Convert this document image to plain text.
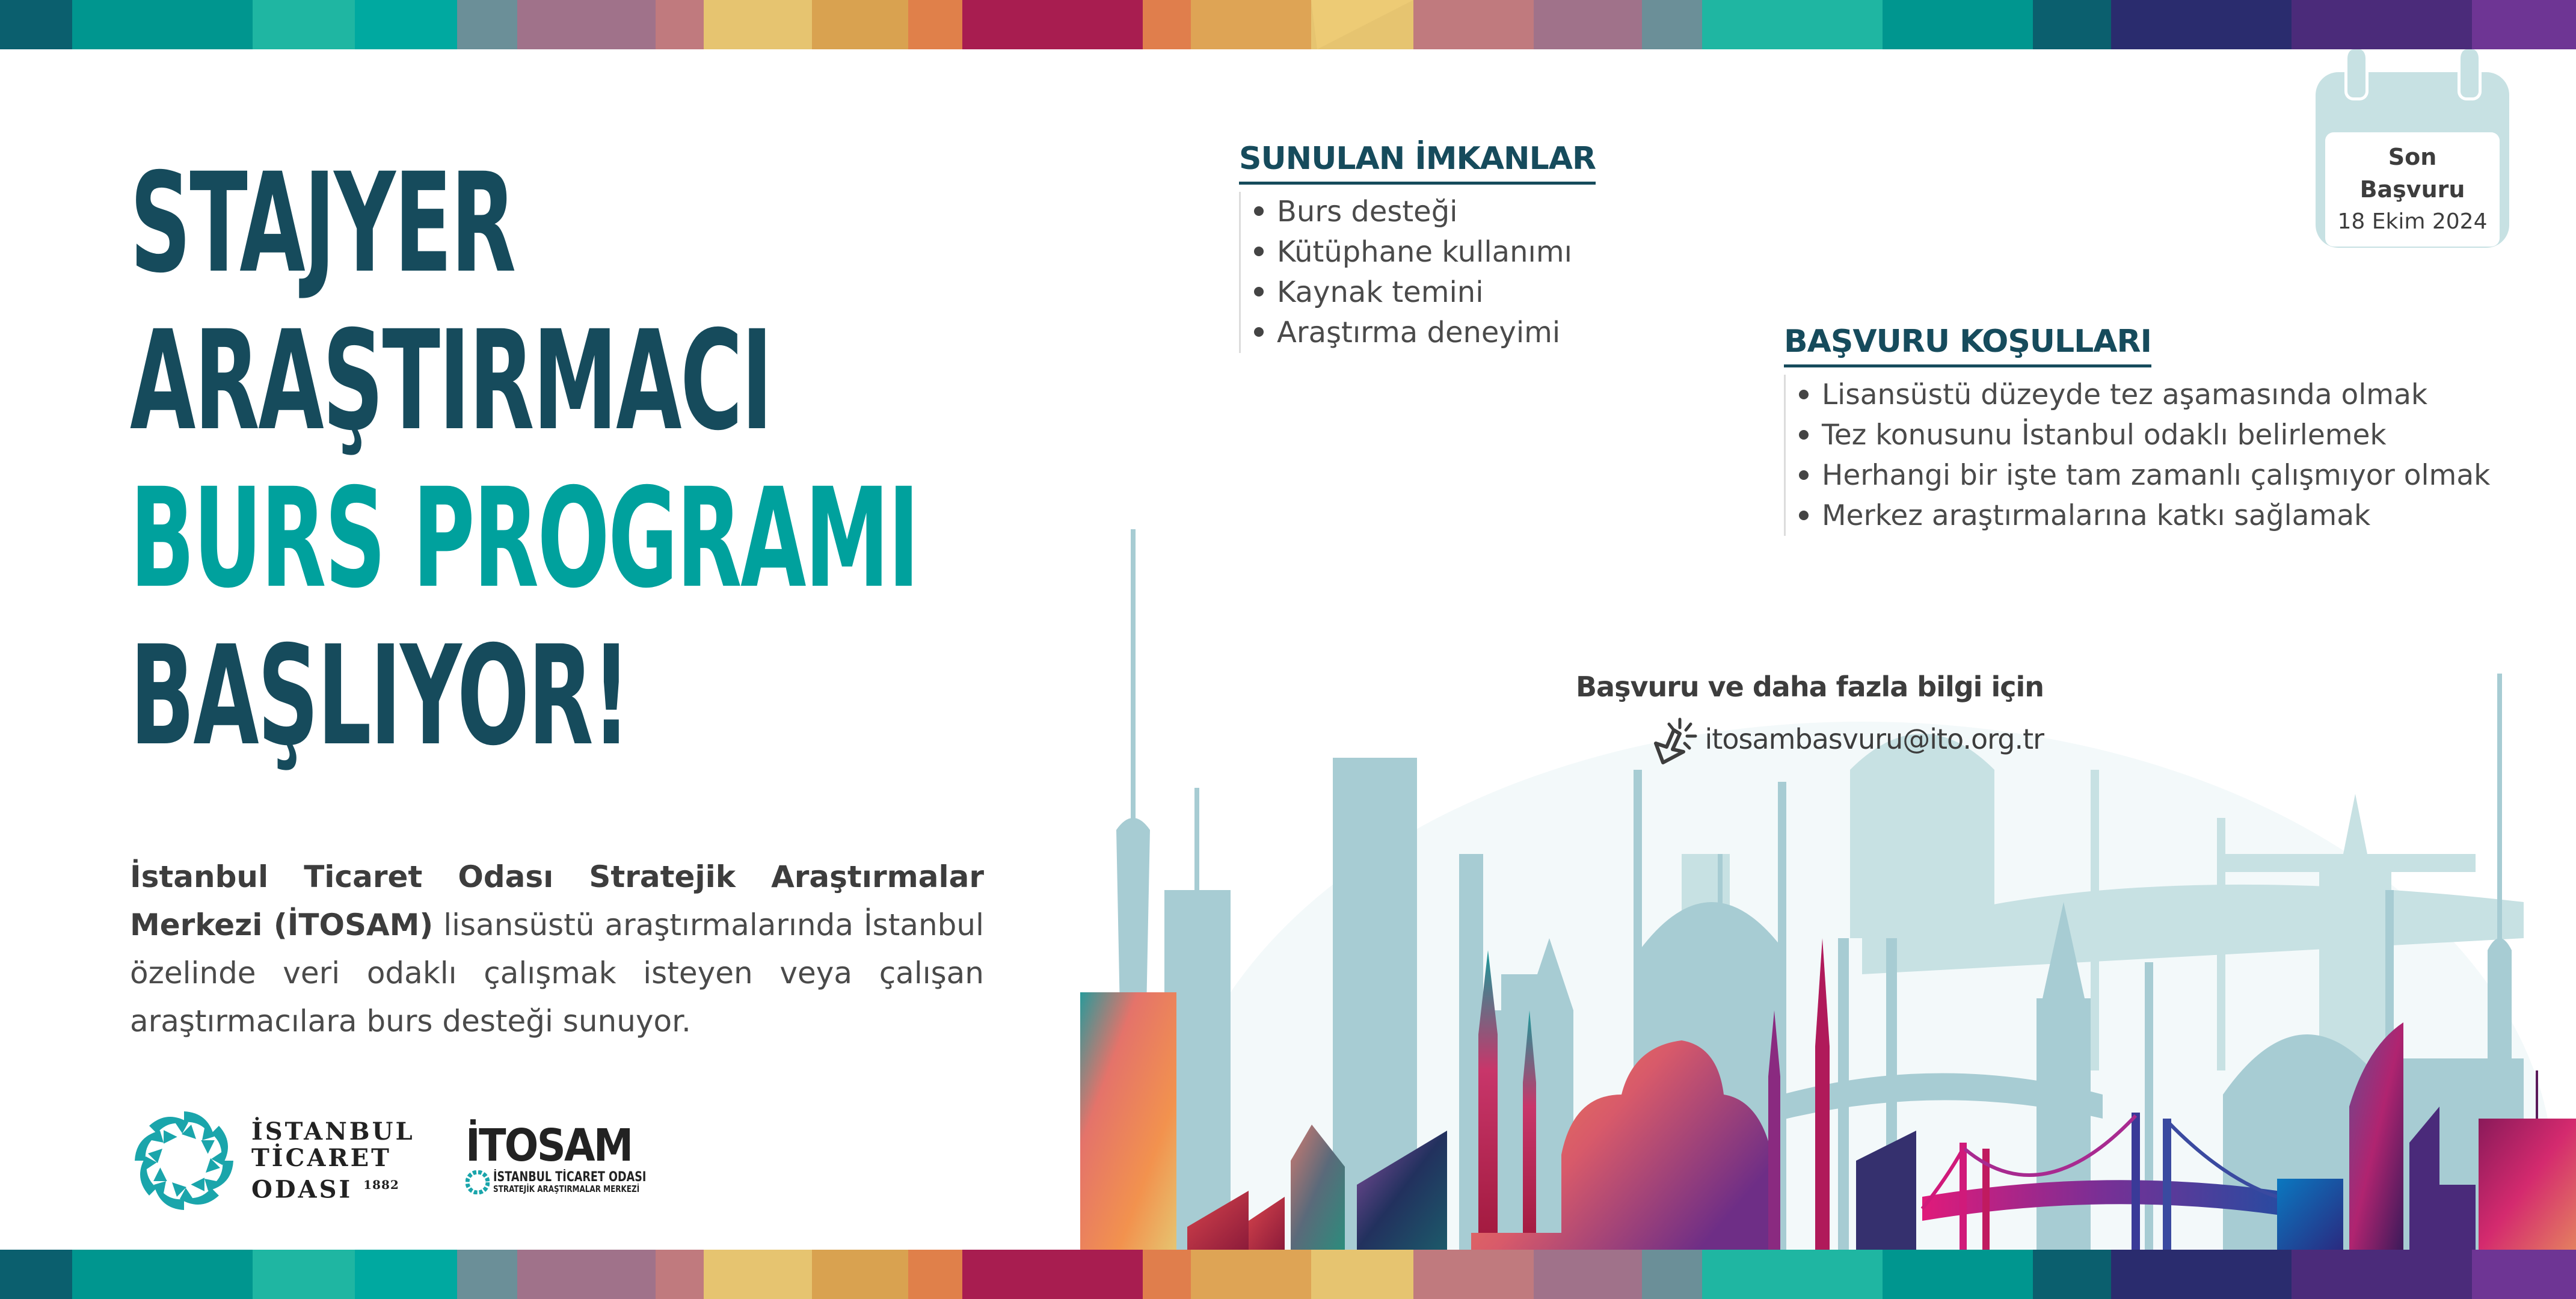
STAJYER
ARAŞTIRMACI
BURS PROGRAMI
BAŞLIYOR!

İstanbul Ticaret Odası Stratejik Araştırmalar Merkezi (İTOSAM) lisansüstü araştırmalarında İstanbul özelinde veri odaklı çalışmak isteyen veya çalışan araştırmacılara burs desteği sunuyor.

SUNULAN İMKANLAR
Burs desteği
Kütüphane kullanımı
Kaynak temini
Araştırma deneyimi
Son
Başvuru
18 Ekim 2024
BAŞVURU KOŞULLARI
Lisansüstü düzeyde tez aşamasında olmak
Tez konusunu İstanbul odaklı belirlemek
Herhangi bir işte tam zamanlı çalışmıyor olmak
Merkez araştırmalarına katkı sağlamak
Başvuru ve daha fazla bilgi için
itosambasvuru@ito.org.tr
İSTANBUL
TİCARET
ODASI $^{1882}$
İTOSAM
İSTANBUL TİCARET ODASI
STRATEJİK ARAŞTIRMALAR MERKEZİ
